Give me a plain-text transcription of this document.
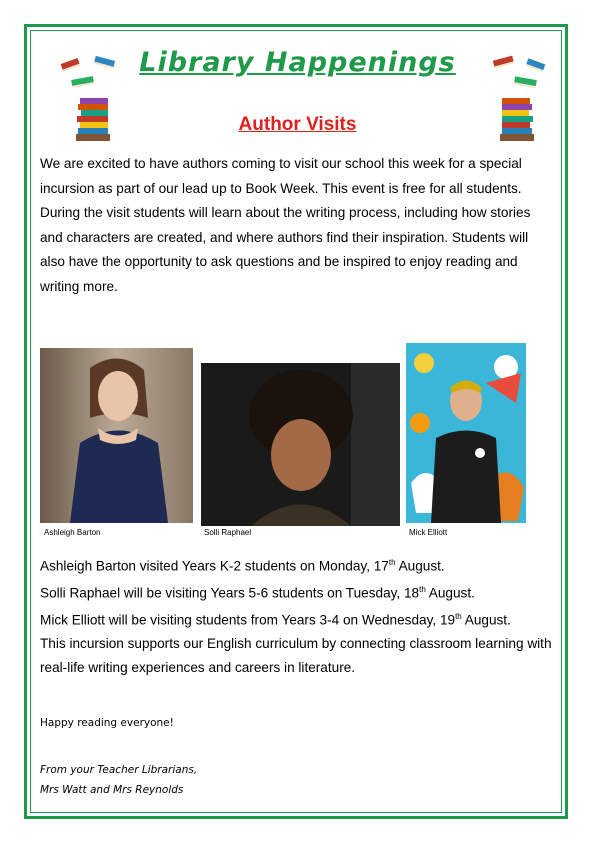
Library Happenings
Author Visits

We are excited to have authors coming to visit our school this week for a special incursion as part of our lead up to Book Week. This event is free for all students.

During the visit students will learn about the writing process, including how stories and characters are created, and where authors find their inspiration. Students will also have the opportunity to ask questions and be inspired to enjoy reading and writing more.

Ashleigh Barton	Solli Raphael	Mick Elliott

Ashleigh Barton visited Years K-2 students on Monday, 17th August.

Solli Raphael will be visiting Years 5-6 students on Tuesday, 18th August.

Mick Elliott will be visiting students from Years 3-4 on Wednesday, 19th August.

This incursion supports our English curriculum by connecting classroom learning with real-life writing experiences and careers in literature.

Happy reading everyone!
From your Teacher Librarians,
Mrs Watt and Mrs Reynolds
